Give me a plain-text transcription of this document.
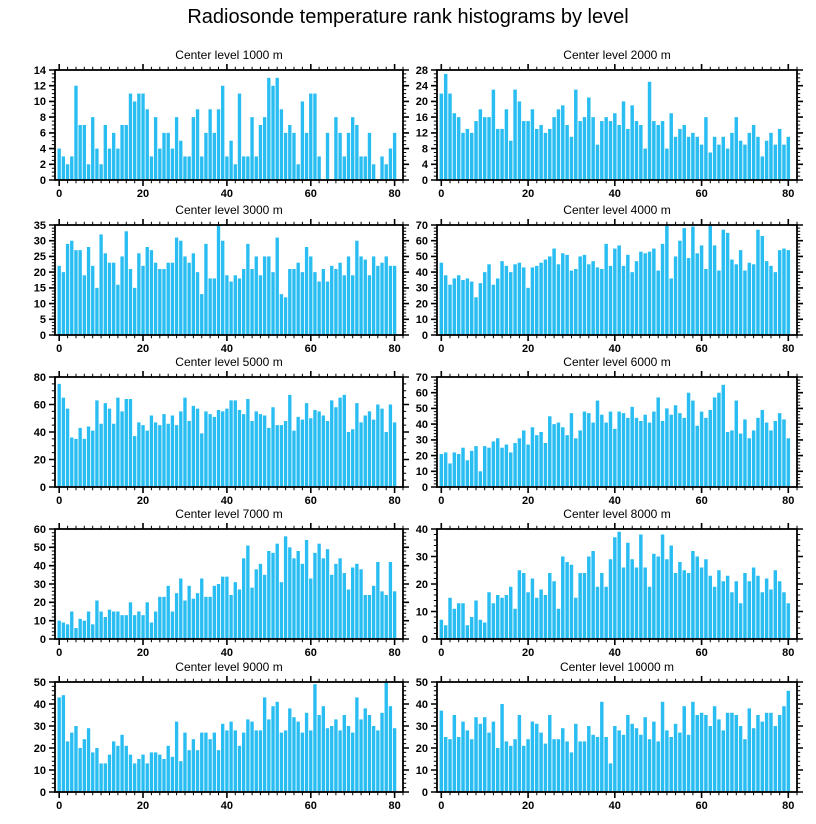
Radiosonde temperature rank histograms by level
0
2
4
6
8
10
12
14
0	20	40	60	80
Center level 1000 m
0
4
8
12
16
20
24
28
0	20	40	60	80
Center level 2000 m
0
5
10
15
20
25
30
35
0	20	40	60	80
Center level 3000 m
0
10
20
30
40
50
60
70
0	20	40	60	80
Center level 4000 m
0
20
40
60
80
0	20	40	60	80
Center level 5000 m
0
10
20
30
40
50
60
70
0	20	40	60	80
Center level 6000 m
0
10
20
30
40
50
60
0	20	40	60	80
Center level 7000 m
0
10
20
30
40
0	20	40	60	80
Center level 8000 m
0
10
20
30
40
50
0	20	40	60	80
Center level 9000 m
0
10
20
30
40
50
0	20	40	60	80
Center level 10000 m
